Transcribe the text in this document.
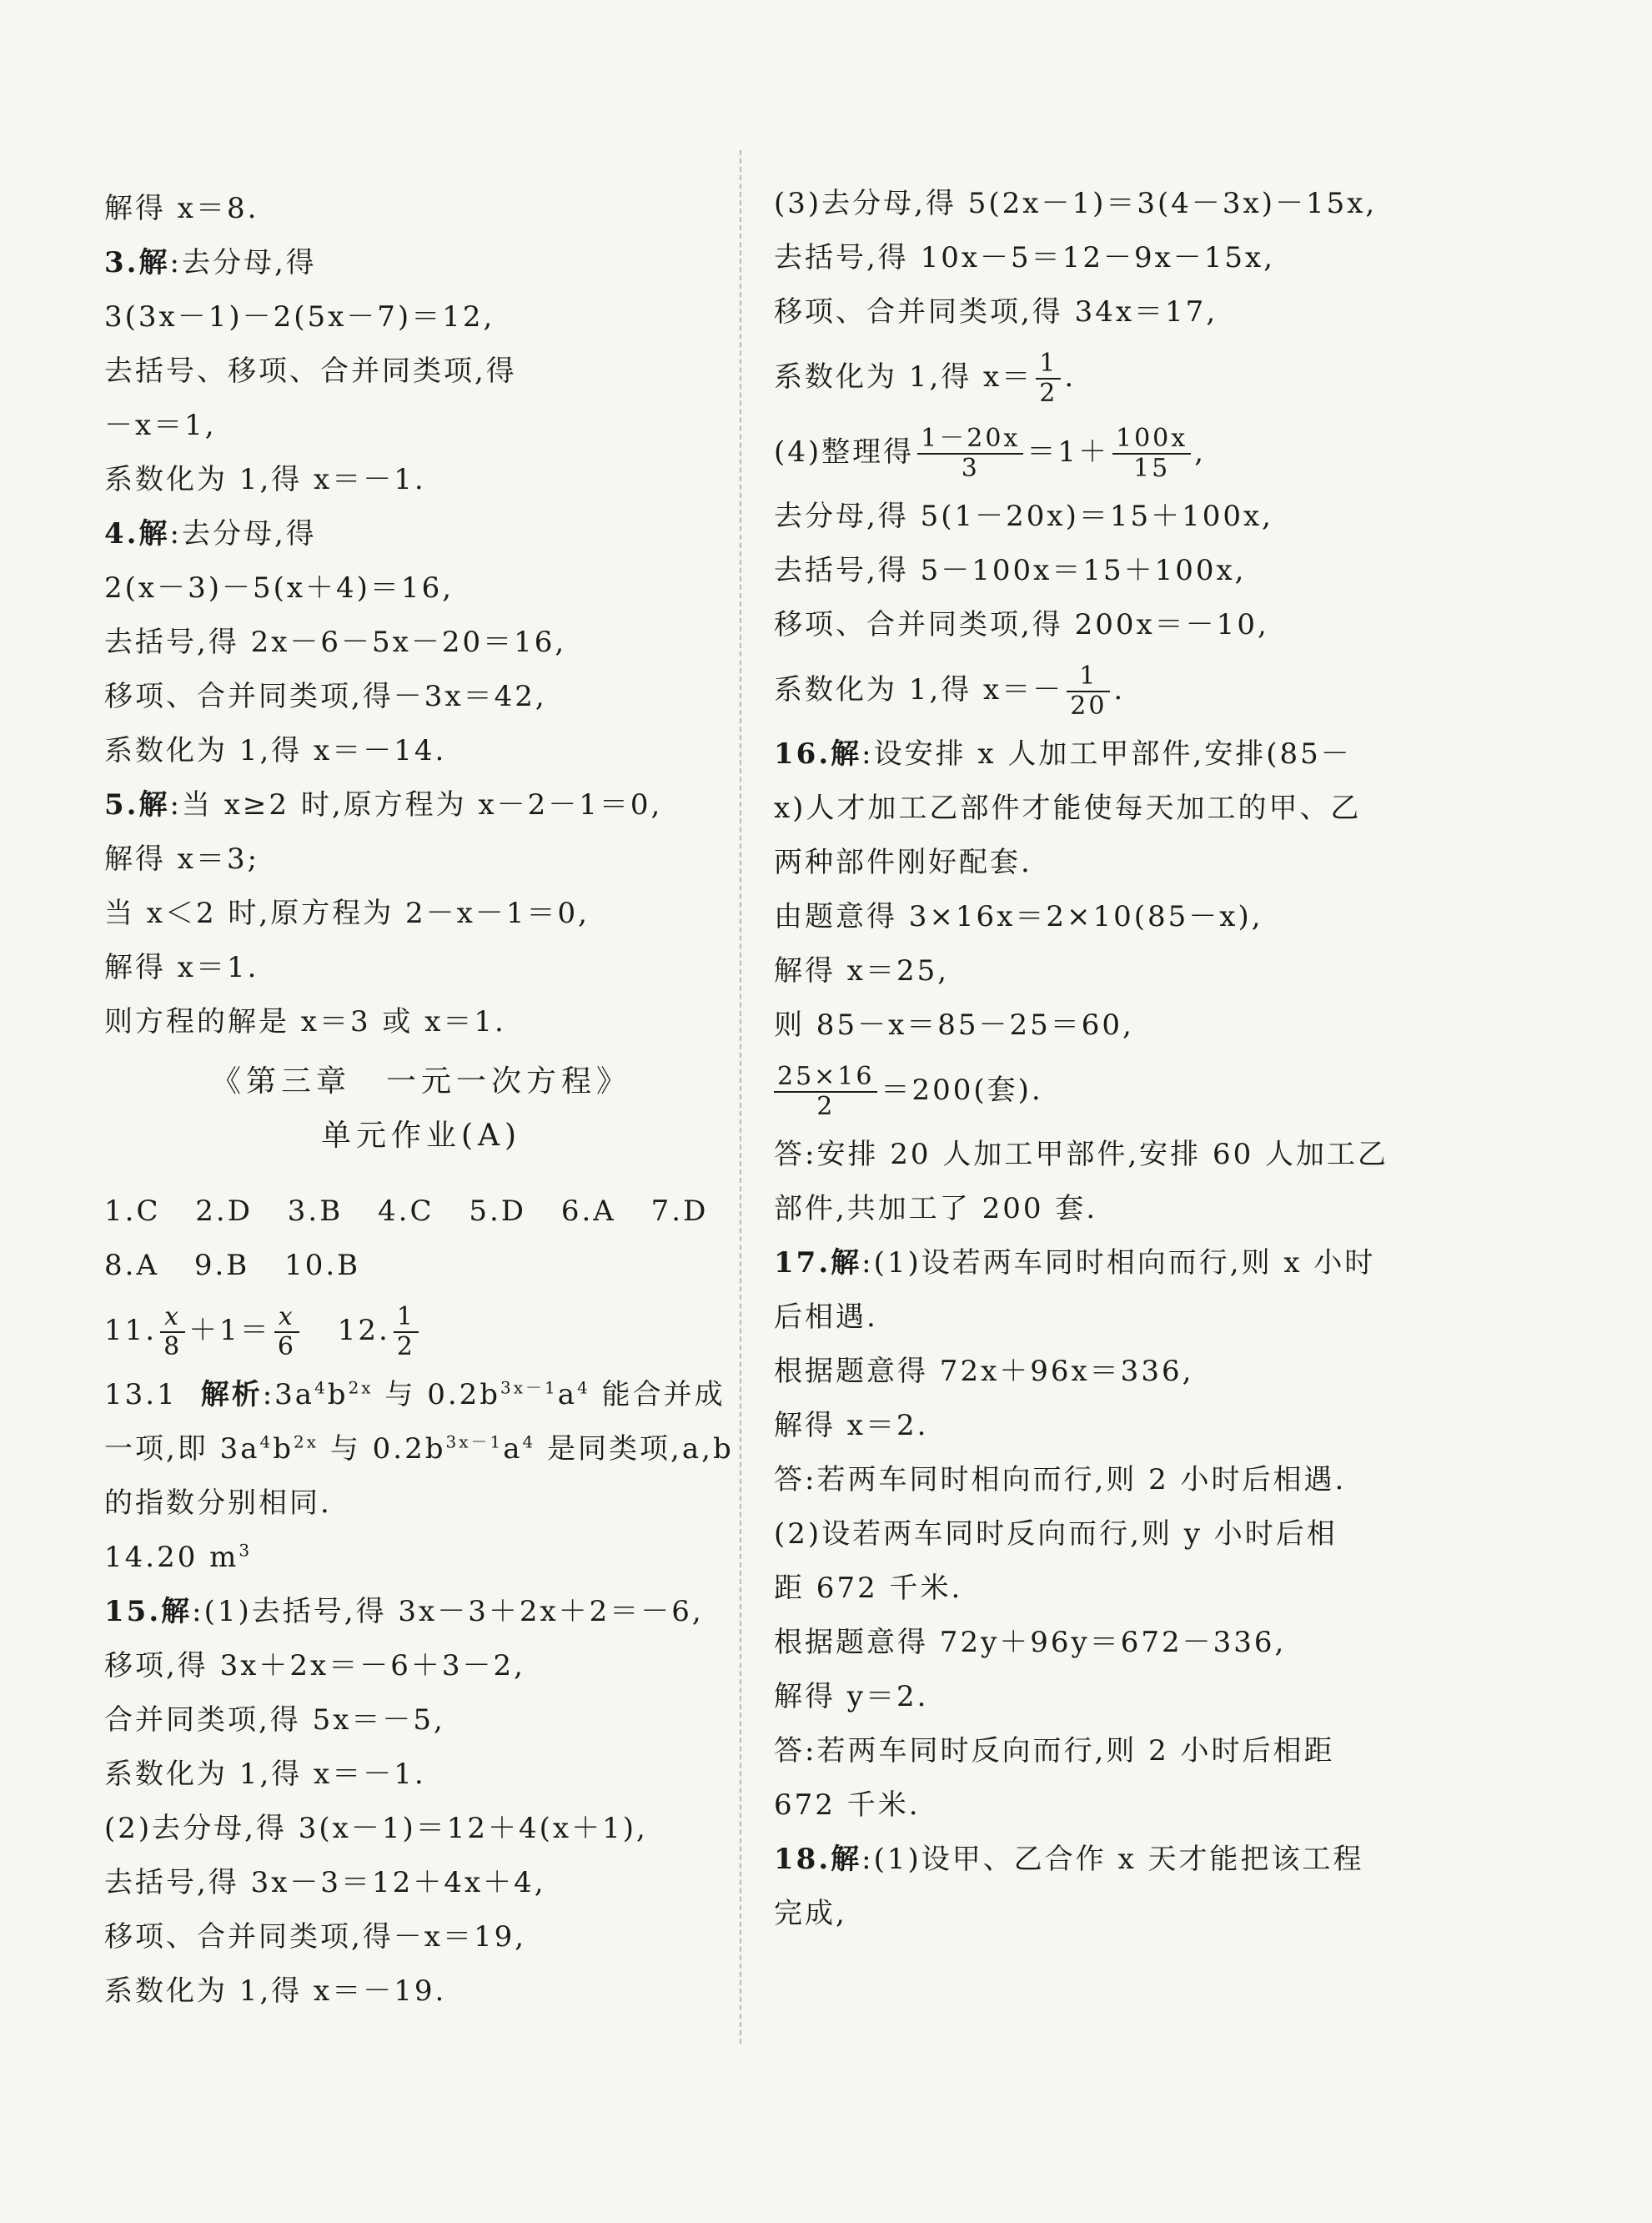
解得 x＝8.
3.解:去分母,得
3(3x－1)－2(5x－7)＝12,
去括号、移项、合并同类项,得
－x＝1,
系数化为 1,得 x＝－1.
4.解:去分母,得
2(x－3)－5(x＋4)＝16,
去括号,得 2x－6－5x－20＝16,
移项、合并同类项,得－3x＝42,
系数化为 1,得 x＝－14.
5.解:当 x≥2 时,原方程为 x－2－1＝0,
解得 x＝3;
当 x＜2 时,原方程为 2－x－1＝0,
解得 x＝1.
则方程的解是 x＝3 或 x＝1.
《第三章　一元一次方程》
单元作业(A)
1.C 2.D 3.B 4.C 5.D 6.A 7.D
8.A 9.B 10.B
11. $\frac{x}{8} +1= \frac{x}{6} 12$. $\frac{1}{2}$
13.1 解析$:3a^4b^{2x}$ 与 $0.2b^{3x-1}a^4$ 能合并成
一项,即 $3a^4b^{2x}$ 与 $0.2b^{3x-1}a^4$ 是同类项,a,b
的指数分别相同.
14.20 $m^3$
15.解:(1)去括号,得 3x－3＋2x＋2＝－6,
移项,得 3x＋2x＝－6＋3－2,
合并同类项,得 5x＝－5,
系数化为 1,得 x＝－1.
(2)去分母,得 3(x－1)＝12＋4(x＋1),
去括号,得 3x－3＝12＋4x＋4,
移项、合并同类项,得－x＝19,
系数化为 1,得 x＝－19.
(3)去分母,得 5(2x－1)＝3(4－3x)－15x,
去括号,得 10x－5＝12－9x－15x,
移项、合并同类项,得 34x＝17,
系数化为 1,得 $x= \frac{1}{2}$ .
(4)整理得 $\frac{1-20x}{3} =1+ \frac{100x}{15}$ ,
去分母,得 5(1－20x)＝15＋100x,
去括号,得 5－100x＝15＋100x,
移项、合并同类项,得 200x＝－10,
系数化为 1,得 $x=- \frac{1}{20}$ .
16.解:设安排 x 人加工甲部件,安排(85－
x)人才加工乙部件才能使每天加工的甲、乙
两种部件刚好配套.
由题意得 3×16x＝2×10(85－x),
解得 x＝25,
则 85－x＝85－25＝60,
$\frac{25\times 16}{2} =200$(套).
答:安排 20 人加工甲部件,安排 60 人加工乙
部件,共加工了 200 套.
17.解:(1)设若两车同时相向而行,则 x 小时
后相遇.
根据题意得 72x＋96x＝336,
解得 x＝2.
答:若两车同时相向而行,则 2 小时后相遇.
(2)设若两车同时反向而行,则 y 小时后相
距 672 千米.
根据题意得 72y＋96y＝672－336,
解得 y＝2.
答:若两车同时反向而行,则 2 小时后相距
672 千米.
18.解:(1)设甲、乙合作 x 天才能把该工程
完成,
